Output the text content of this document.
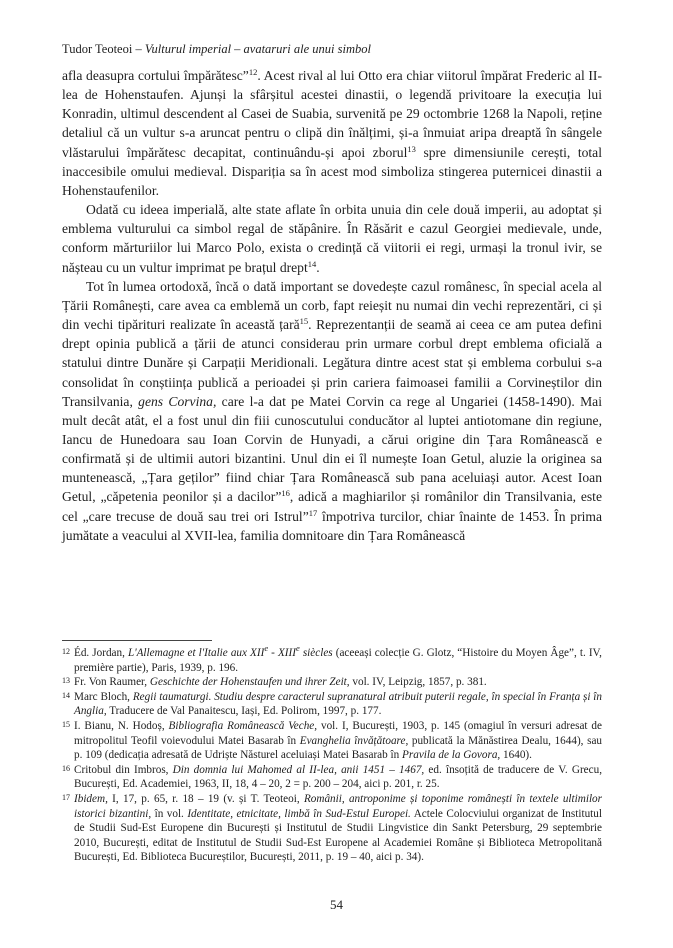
Tudor Teoteoi – Vulturul imperial – avataruri ale unui simbol

afla deasupra cortului împărătesc”$^{12}$. Acest rival al lui Otto era chiar viitorul împărat Frederic al II-lea de Hohenstaufen. Ajunși la sfârșitul acestei dinastii, o legendă privitoare la execuția lui Konradin, ultimul descendent al Casei de Suabia, survenită pe 29 octombrie 1268 la Napoli, reține detaliul că un vultur s-a aruncat pentru o clipă din înălțimi, și-a înmuiat aripa dreaptă în sângele vlăstarului împărătesc decapitat, continuându-și apoi zborul$^{13}$ spre dimensiunile cerești, total inaccesibile omului medieval. Dispariția sa în acest mod simboliza stingerea puternicei dinastii a Hohenstaufenilor.

Odată cu ideea imperială, alte state aflate în orbita unuia din cele două imperii, au adoptat și emblema vulturului ca simbol regal de stăpânire. În Răsărit e cazul Georgiei medievale, unde, conform mărturiilor lui Marco Polo, exista o credință că viitorii ei regi, urmași la tronul ivir, se nășteau cu un vultur imprimat pe brațul drept$^{14}$.

Tot în lumea ortodoxă, încă o dată important se dovedește cazul românesc, în special acela al Țării Românești, care avea ca emblemă un corb, fapt reieșit nu numai din vechi reprezentări, ci și din vechi tipărituri realizate în această țară$^{15}$. Reprezentanții de seamă ai ceea ce am putea defini drept opinia publică a țării de atunci considerau prin urmare corbul drept emblema oficială a statului dintre Dunăre și Carpații Meridionali. Legătura dintre acest stat și emblema corbului s-a consolidat în conștiința publică a perioadei și prin cariera faimoasei familii a Corvineștilor din Transilvania, gens Corvina, care l-a dat pe Matei Corvin ca rege al Ungariei (1458-1490). Mai mult decât atât, el a fost unul din fiii cunoscutului conducător al luptei antiotomane din regiune, Iancu de Hunedoara sau Ioan Corvin de Hunyadi, a cărui origine din Țara Românească e confirmată și de ultimii autori bizantini. Unul din ei îl numește Ioan Getul, aluzie la originea sa muntenească, „Țara geților” fiind chiar Țara Românească sub pana aceluiași autor. Acest Ioan Getul, „căpetenia peonilor și a dacilor”$^{16}$, adică a maghiarilor și românilor din Transilvania, este cel „care trecuse de două sau trei ori Istrul”$^{17}$ împotriva turcilor, chiar înainte de 1453. În prima jumătate a veacului al XVII-lea, familia domnitoare din Țara Românească

12 Éd. Jordan, L'Allemagne et l'Italie aux XIIe - XIIIe siècles (aceeași colecție G. Glotz, “Histoire du Moyen Âge”, t. IV, première partie), Paris, 1939, p. 196.
13 Fr. Von Raumer, Geschichte der Hohenstaufen und ihrer Zeit, vol. IV, Leipzig, 1857, p. 381.
14 Marc Bloch, Regii taumaturgi. Studiu despre caracterul supranatural atribuit puterii regale, în special în Franța și în Anglia, Traducere de Val Panaitescu, Iași, Ed. Polirom, 1997, p. 177.
15 I. Bianu, N. Hodoș, Bibliografia Românească Veche, vol. I, București, 1903, p. 145 (omagiul în versuri adresat de mitropolitul Teofil voievodului Matei Basarab în Evanghelia învățătoare, publicată la Mănăstirea Dealu, 1644), sau p. 109 (dedicația adresată de Udriște Năsturel aceluiași Matei Basarab în Pravila de la Govora, 1640).
16 Critobul din Imbros, Din domnia lui Mahomed al II-lea, anii 1451 – 1467, ed. însoțită de traducere de V. Grecu, București, Ed. Academiei, 1963, II, 18, 4 – 20, 2 = p. 200 – 204, aici p. 201, r. 25.
17 Ibidem, I, 17, p. 65, r. 18 – 19 (v. și T. Teoteoi, Românii, antroponime și toponime românești în textele ultimilor istorici bizantini, în vol. Identitate, etnicitate, limbă în Sud-Estul Europei. Actele Colocviului organizat de Institutul de Studii Sud-Est Europene din București și Institutul de Studii Lingvistice din Sankt Petersburg, 29 septembrie 2010, București, editat de Institutul de Studii Sud-Est Europene al Academiei Române și Biblioteca Metropolitană București, Ed. Biblioteca Bucureștilor, București, 2011, p. 19 – 40, aici p. 34).
54
